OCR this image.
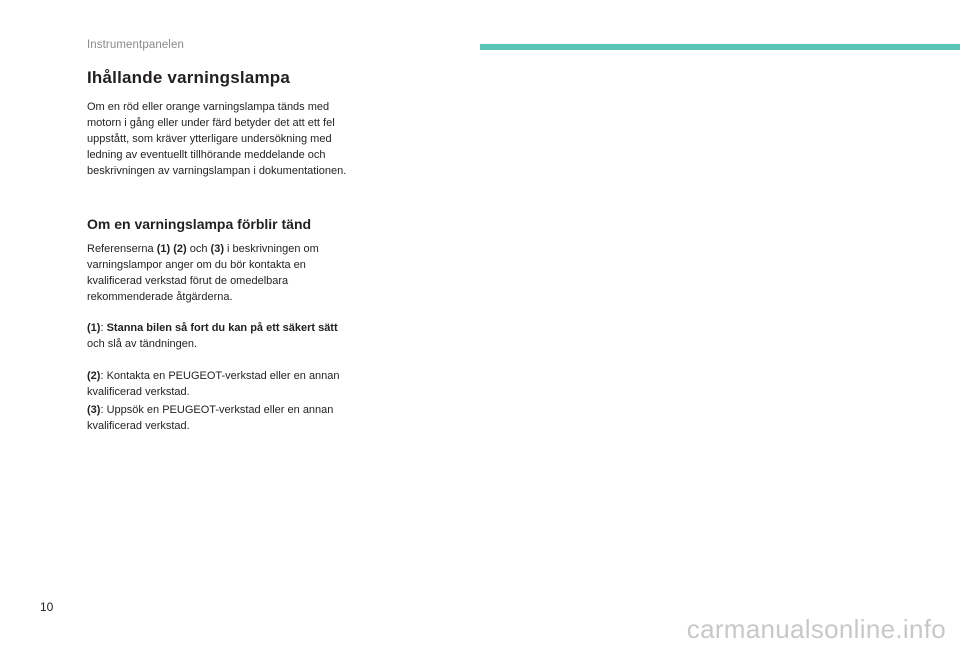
Instrumentpanelen
Ihållande varningslampa

Om en röd eller orange varningslampa tänds med motorn i gång eller under färd betyder det att ett fel uppstått, som kräver ytterligare undersökning med ledning av eventuellt tillhörande meddelande och beskrivningen av varningslampan i dokumentationen.

Om en varningslampa förblir tänd

Referenserna (1) (2) och (3) i beskrivningen om varningslampor anger om du bör kontakta en kvalificerad verkstad förut de omedelbara rekommenderade åtgärderna.

(1): Stanna bilen så fort du kan på ett säkert sätt och slå av tändningen.

(2): Kontakta en PEUGEOT-verkstad eller en annan kvalificerad verkstad.

(3): Uppsök en PEUGEOT-verkstad eller en annan kvalificerad verkstad.

10
carmanualsonline.info
